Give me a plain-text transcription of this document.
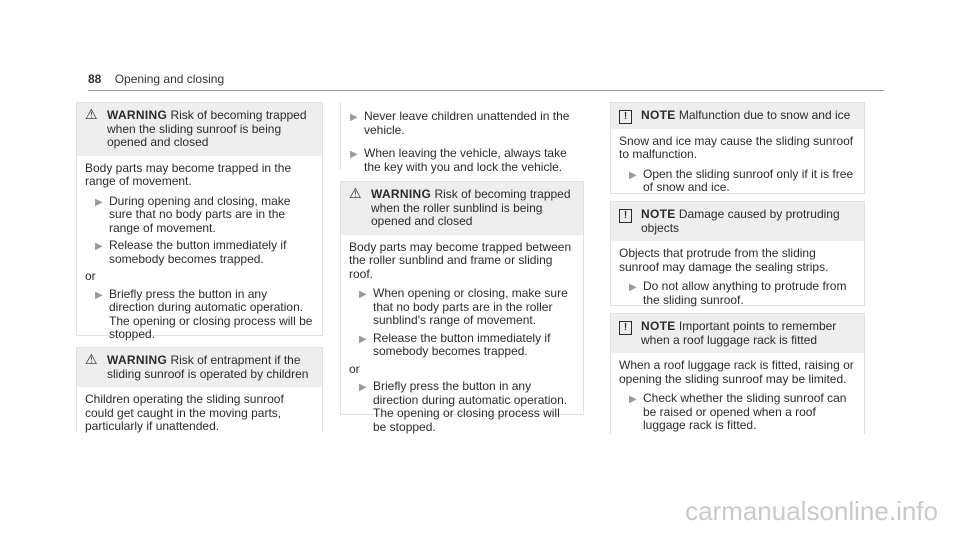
88 Opening and closing
⚠ WARNING Risk of becoming trapped when the sliding sunroof is being opened and closed

Body parts may become trapped in the range of movement.

▶ During opening and closing, make sure that no body parts are in the range of movement.
▶ Release the button immediately if somebody becomes trapped.
or
▶ Briefly press the button in any direction during automatic operation.
The opening or closing process will be stopped.
⚠ WARNING Risk of entrapment if the sliding sunroof is operated by children

Children operating the sliding sunroof could get caught in the moving parts, particularly if unattended.

▶ Never leave children unattended in the vehicle.
▶ When leaving the vehicle, always take the key with you and lock the vehicle.
⚠ WARNING Risk of becoming trapped when the roller sunblind is being opened and closed

Body parts may become trapped between the roller sunblind and frame or sliding roof.

▶ When opening or closing, make sure that no body parts are in the roller sunblind's range of movement.
▶ Release the button immediately if somebody becomes trapped.
or
▶ Briefly press the button in any direction during automatic operation.
The opening or closing process will be stopped.
!	NOTE Malfunction due to snow and ice

Snow and ice may cause the sliding sunroof to malfunction.

▶ Open the sliding sunroof only if it is free of snow and ice.
!	NOTE Damage caused by protruding objects

Objects that protrude from the sliding sunroof may damage the sealing strips.

▶ Do not allow anything to protrude from the sliding sunroof.
!	NOTE Important points to remember when a roof luggage rack is fitted

When a roof luggage rack is fitted, raising or opening the sliding sunroof may be limited.

▶ Check whether the sliding sunroof can be raised or opened when a roof luggage rack is fitted.
carmanualsonline.info
